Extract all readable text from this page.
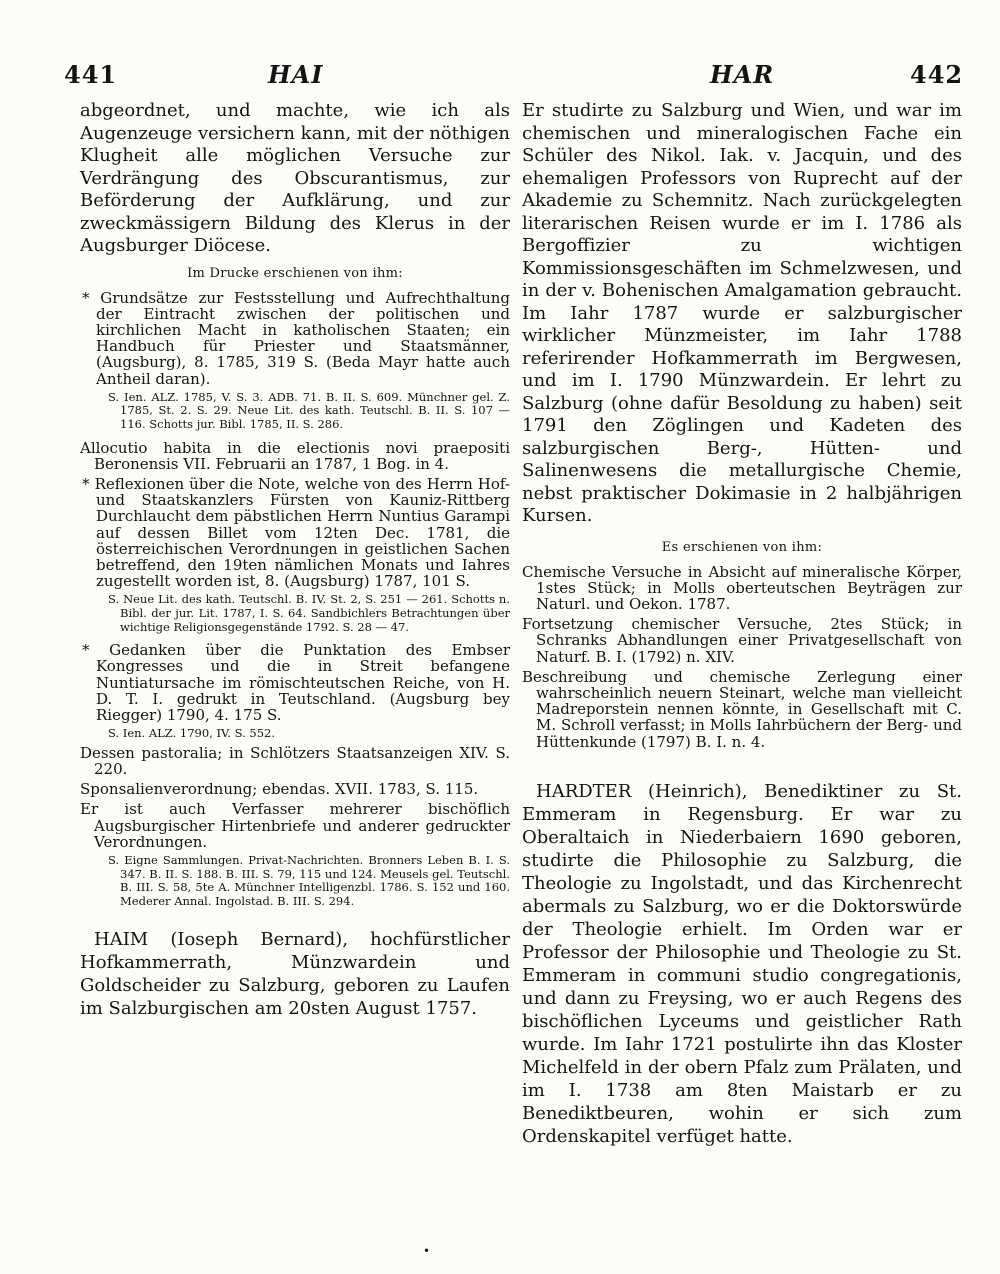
441	HAI	HAR	442

abgeordnet, und machte, wie ich als Augenzeuge versichern kann, mit der nöthigen Klugheit alle möglichen Versuche zur Verdrängung des Obscurantismus, zur Beförderung der Aufklärung, und zur zweckmässigern Bildung des Klerus in der Augsburger Diöcese.

Im Drucke erschienen von ihm:

* Grundsätze zur Festsstellung und Aufrechthaltung der Eintracht zwischen der politischen und kirchlichen Macht in katholischen Staaten; ein Handbuch für Priester und Staatsmänner, (Augsburg), 8. 1785, 319 S. (Beda Mayr hatte auch Antheil daran).

S. Ien. ALZ. 1785, V. S. 3. ADB. 71. B. II. S. 609. Münchner gel. Z. 1785, St. 2. S. 29. Neue Lit. des kath. Teutschl. B. II. S. 107 — 116. Schotts jur. Bibl. 1785, II. S. 286.

Allocutio habita in die electionis novi praepositi Beronensis VII. Februarii an 1787, 1 Bog. in 4.

* Reflexionen über die Note, welche von des Herrn Hof- und Staatskanzlers Fürsten von Kauniz-Rittberg Durchlaucht dem päbstlichen Herrn Nuntius Garampi auf dessen Billet vom 12ten Dec. 1781, die österreichischen Verordnungen in geistlichen Sachen betreffend, den 19ten nämlichen Monats und Iahres zugestellt worden ist, 8. (Augsburg) 1787, 101 S.

S. Neue Lit. des kath. Teutschl. B. IV. St. 2, S. 251 — 261. Schotts n. Bibl. der jur. Lit. 1787, I. S. 64. Sandbichlers Betrachtungen über wichtige Religionsgegenstände 1792. S. 28 — 47.

* Gedanken über die Punktation des Embser Kongresses und die in Streit befangene Nuntiatursache im römischteutschen Reiche, von H. D. T. I. gedrukt in Teutschland. (Augsburg bey Riegger) 1790, 4. 175 S.

S. Ien. ALZ. 1790, IV. S. 552.

Dessen pastoralia; in Schlötzers Staatsanzeigen XIV. S. 220.

Sponsalienverordnung; ebendas. XVII. 1783, S. 115.

Er ist auch Verfasser mehrerer bischöflich Augsburgischer Hirtenbriefe und anderer gedruckter Verordnungen.

S. Eigne Sammlungen. Privat-Nachrichten. Bronners Leben B. I. S. 347. B. II. S. 188. B. III. S. 79, 115 und 124. Meusels gel. Teutschl. B. III. S. 58, 5te A. Münchner Intelligenzbl. 1786. S. 152 und 160. Mederer Annal. Ingolstad. B. III. S. 294.

HAIM (Ioseph Bernard), hochfürstlicher Hofkammerrath, Münzwardein und Goldscheider zu Salzburg, geboren zu Laufen im Salzburgischen am 20sten August 1757.

Er studirte zu Salzburg und Wien, und war im chemischen und mineralogischen Fache ein Schüler des Nikol. Iak. v. Jacquin, und des ehemaligen Professors von Ruprecht auf der Akademie zu Schemnitz. Nach zurückgelegten literarischen Reisen wurde er im I. 1786 als Bergoffizier zu wichtigen Kommissionsgeschäften im Schmelzwesen, und in der v. Bohenischen Amalgamation gebraucht. Im Iahr 1787 wurde er salzburgischer wirklicher Münzmeister, im Iahr 1788 referirender Hofkammerrath im Bergwesen, und im I. 1790 Münzwardein. Er lehrt zu Salzburg (ohne dafür Besoldung zu haben) seit 1791 den Zöglingen und Kadeten des salzburgischen Berg-, Hütten- und Salinenwesens die metallurgische Chemie, nebst praktischer Dokimasie in 2 halbjährigen Kursen.

Es erschienen von ihm:

Chemische Versuche in Absicht auf mineralische Körper, 1stes Stück; in Molls oberteutschen Beyträgen zur Naturl. und Oekon. 1787.

Fortsetzung chemischer Versuche, 2tes Stück; in Schranks Abhandlungen einer Privatgesellschaft von Naturf. B. I. (1792) n. XIV.

Beschreibung und chemische Zerlegung einer wahrscheinlich neuern Steinart, welche man vielleicht Madreporstein nennen könnte, in Gesellschaft mit C. M. Schroll verfasst; in Molls Iahrbüchern der Berg- und Hüttenkunde (1797) B. I. n. 4.

HARDTER (Heinrich), Benediktiner zu St. Emmeram in Regensburg. Er war zu Oberaltaich in Niederbaiern 1690 geboren, studirte die Philosophie zu Salzburg, die Theologie zu Ingolstadt, und das Kirchenrecht abermals zu Salzburg, wo er die Doktorswürde der Theologie erhielt. Im Orden war er Professor der Philosophie und Theologie zu St. Emmeram in communi studio congregationis, und dann zu Freysing, wo er auch Regens des bischöflichen Lyceums und geistlicher Rath wurde. Im Iahr 1721 postulirte ihn das Kloster Michelfeld in der obern Pfalz zum Prälaten, und im I. 1738 am 8ten Maistarb er zu Benediktbeuren, wohin er sich zum Ordenskapitel verfüget hatte.

•
